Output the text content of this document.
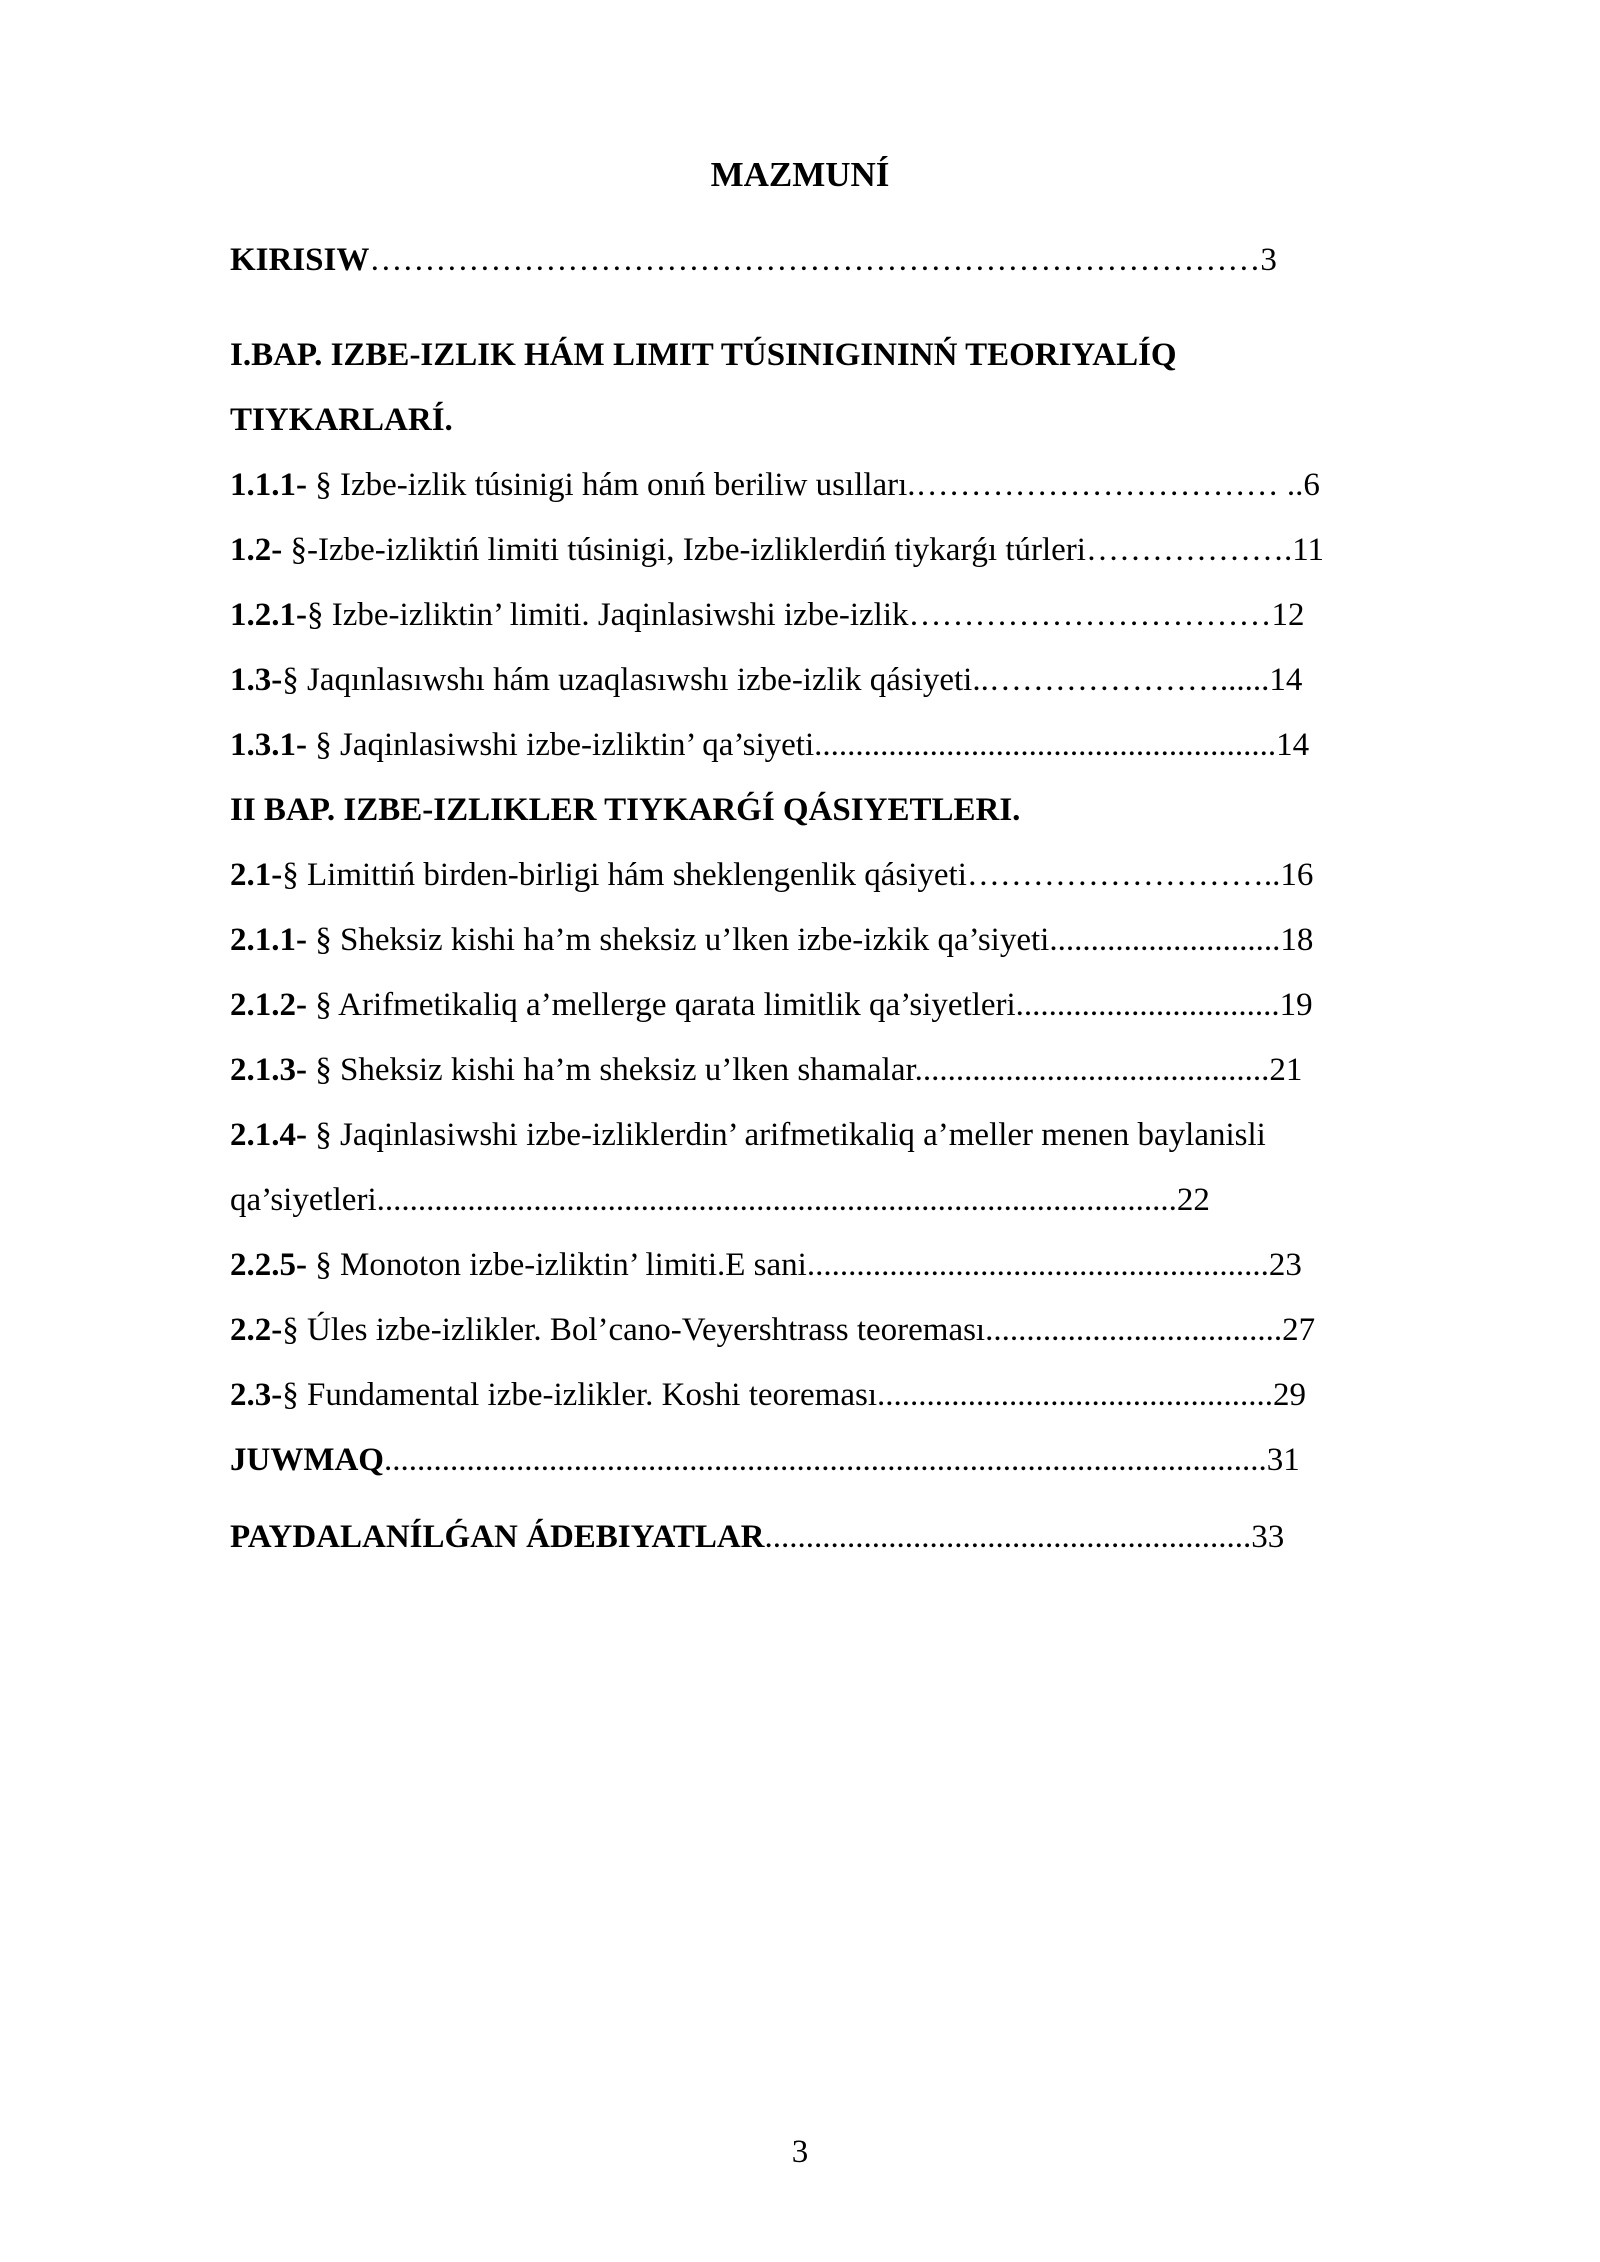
MAZMUNÍ
KIRISIW………………………………………………………………………3
I.BAP. IZBE-IZLIK HÁM LIMIT TÚSINIGININŃ TEORIYALÍQ
TIYKARLARÍ.
1.1.1- § Izbe-izlik túsinigi hám onıń beriliw usılları.…………………………… ..6
1.2- §-Izbe-izliktiń limiti túsinigi, Izbe-izliklerdiń tiykarǵı túrleri……………….11
1.2.1-§ Izbe-izliktin’ limiti. Jaqinlasiwshi izbe-izlik……………………………12
1.3-§ Jaqınlasıwshı hám uzaqlasıwshı izbe-izlik qásiyeti..…………………......14
1.3.1- § Jaqinlasiwshi izbe-izliktin’ qa’siyeti........................................................14
II BAP. IZBE-IZLIKLER TIYKARǴÍ QÁSIYETLERI.
2.1-§ Limittiń birden-birligi hám sheklengenlik qásiyeti………………………..16
2.1.1- § Sheksiz kishi ha’m sheksiz u’lken izbe-izkik qa’siyeti............................18
2.1.2- § Arifmetikaliq a’mellerge qarata limitlik qa’siyetleri................................19
2.1.3- § Sheksiz kishi ha’m sheksiz u’lken shamalar...........................................21
2.1.4- § Jaqinlasiwshi izbe-izliklerdin’ arifmetikaliq a’meller menen baylanisli
qa’siyetleri.................................................................................................22
2.2.5- § Monoton izbe-izliktin’ limiti.E sani........................................................23
2.2-§ Úles izbe-izlikler. Bol’cano-Veyershtrass teoreması....................................27
2.3-§ Fundamental izbe-izlikler. Koshi teoreması................................................29
JUWMAQ...........................................................................................................31
PAYDALANÍLǴAN ÁDEBIYATLAR...........................................................33
3
